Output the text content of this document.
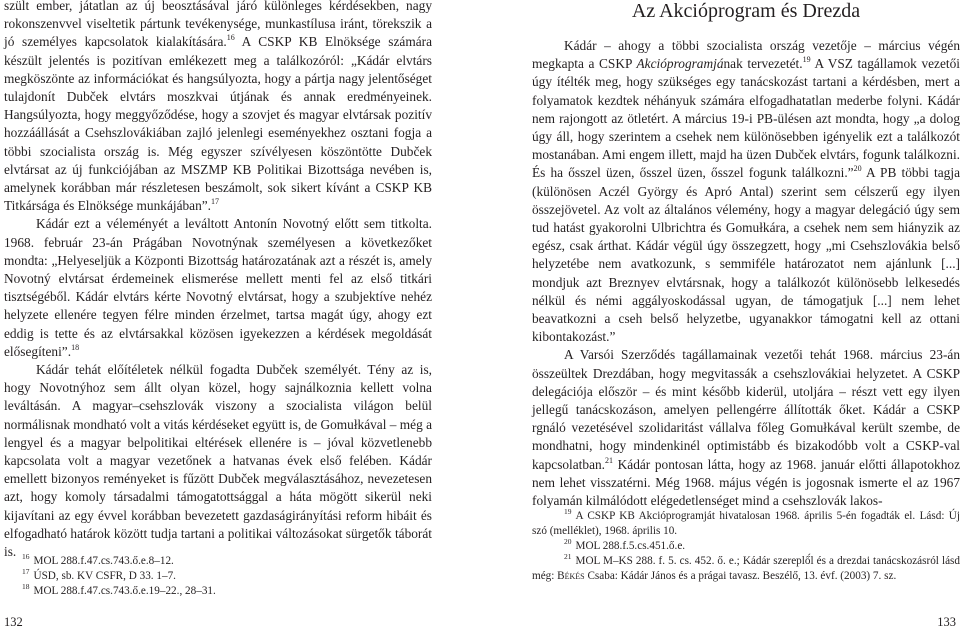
szült ember, játatlan az új beosztásával járó különleges kérdésekben, nagy rokonszenvvel viseltetik pártunk tevékenysége, munkastílusa iránt, törekszik a jó személyes kapcsolatok kialakítására.$^{16}$ A CSKP KB Elnöksége számára készült jelentés is pozitívan emlékezett meg a találkozóról: „Kádár elvtárs megköszönte az információkat és hangsúlyozta, hogy a pártja nagy jelentőséget tulajdonít Dubček elvtárs moszkvai útjának és annak eredményeinek. Hangsúlyozta, hogy meggyőződése, hogy a szovjet és magyar elvtársak pozitív hozzáállását a Csehszlovákiában zajló jelenlegi eseményekhez osztani fogja a többi szocialista ország is. Még egyszer szívélyesen köszöntötte Dubček elvtársat az új funkciójában az MSZMP KB Politikai Bizottsága nevében is, amelynek korábban már részletesen beszámolt, sok sikert kívánt a CSKP KB Titkársága és Elnöksége munkájában”.$^{17}$

Kádár ezt a véleményét a leváltott Antonín Novotný előtt sem titkolta. 1968. február 23-án Prágában Novotnýnak személyesen a következőket mondta: „Helyeseljük a Központi Bizottság határozatának azt a részét is, amely Novotný elvtársat érdemeinek elismerése mellett menti fel az első titkári tisztségéből. Kádár elvtárs kérte Novotný elvtársat, hogy a szubjektíve nehéz helyzete ellenére tegyen félre minden érzelmet, tartsa magát úgy, ahogy ezt eddig is tette és az elvtársakkal közösen igyekezzen a kérdések megoldását elősegíteni”.$^{18}$

Kádár tehát előítéletek nélkül fogadta Dubček személyét. Tény az is, hogy Novotnýhoz sem állt olyan közel, hogy sajnálkoznia kellett volna leváltásán. A magyar–csehszlovák viszony a szocialista világon belül normálisnak mondható volt a vitás kérdéseket együtt is, de Gomułkával – még a lengyel és a magyar belpolitikai eltérések ellenére is – jóval közvetlenebb kapcsolata volt a magyar vezetőnek a hatvanas évek első felében. Kádár emellett bizonyos reményeket is fűzött Dubček megválasztásához, nevezetesen azt, hogy komoly társadalmi támogatottsággal a háta mögött sikerül neki kijavítani az egy évvel korábban bevezetett gazdaságirányítási reform hibáit és elfogadható határok között tudja tartani a politikai változásokat sürgetők táborát is. $^{16}$ MOL 288.f.47.cs.743.ő.e.8–12.

$^{17}$ ÚSD, sb. KV CSFR, D 33. 1–7.

$^{18}$ MOL 288.f.47.cs.743.ő.e.19–22., 28–31.

132
Az Akcióprogram és Drezda

Kádár – ahogy a többi szocialista ország vezetője – március végén megkapta a CSKP Akcióprogramjának tervezetét.$^{19}$ A VSZ tagállamok vezetői úgy ítélték meg, hogy szükséges egy tanácskozást tartani a kérdésben, mert a folyamatok kezdtek néhányuk számára elfogadhatatlan mederbe folyni. Kádár nem rajongott az ötletért. A március 19-i PB-ülésen azt mondta, hogy „a dolog úgy áll, hogy szerintem a csehek nem különösebben igényelik ezt a találkozót mostanában. Ami engem illett, majd ha üzen Dubček elvtárs, fogunk találkozni. És ha ősszel üzen, ősszel üzen, ősszel fogunk találkozni.”$^{20}$ A PB többi tagja (különösen Aczél György és Apró Antal) szerint sem célszerű egy ilyen összejövetel. Az volt az általános vélemény, hogy a magyar delegáció úgy sem tud hatást gyakorolni Ulbrichtra és Gomułkára, a csehek nem sem hiányzik az egész, csak árthat. Kádár végül úgy összegzett, hogy „mi Csehszlovákia belső helyzetébe nem avatkozunk, s semmiféle határozatot nem ajánlunk [...] mondjuk azt Breznyev elvtársnak, hogy a találkozót különösebb lelkesedés nélkül és némi aggályoskodással ugyan, de támogatjuk [...] nem lehet beavatkozni a cseh belső helyzetbe, ugyanakkor támogatni kell az ottani kibontakozást.”

A Varsói Szerződés tagállamainak vezetői tehát 1968. március 23-án összeültek Drezdában, hogy megvitassák a csehszlovákiai helyzetet. A CSKP delegációja először – és mint később kiderül, utoljára – részt vett egy ilyen jellegű tanácskozáson, amelyen pellengérre állították őket. Kádár a CSKP rgnáló vezetésével szolidaritást vállalva főleg Gomułkával került szembe, de mondhatni, hogy mindenkinél optimistább és bizakodóbb volt a CSKP-val kapcsolatban.$^{21}$ Kádár pontosan látta, hogy az 1968. január előtti állapotokhoz nem lehet visszatérni. Még 1968. május végén is jogosnak ismerte el az 1967 folyamán kilmálódott elégedetlenséget mind a csehszlovák lakos-

$^{19}$ A CSKP KB Akcióprogramját hivatalosan 1968. április 5-én fogadták el. Lásd: Új szó (melléklet), 1968. április 10.

$^{20}$ MOL 288.f.5.cs.451.ő.e.

$^{21}$ MOL M–KS 288. f. 5. cs. 452. ő. e.; Kádár szereplő́l és a drezdai tanácskozásról lásd még: Békés Csaba: Kádár János és a prágai tavasz. Beszélő, 13. évf. (2003) 7. sz.

133
